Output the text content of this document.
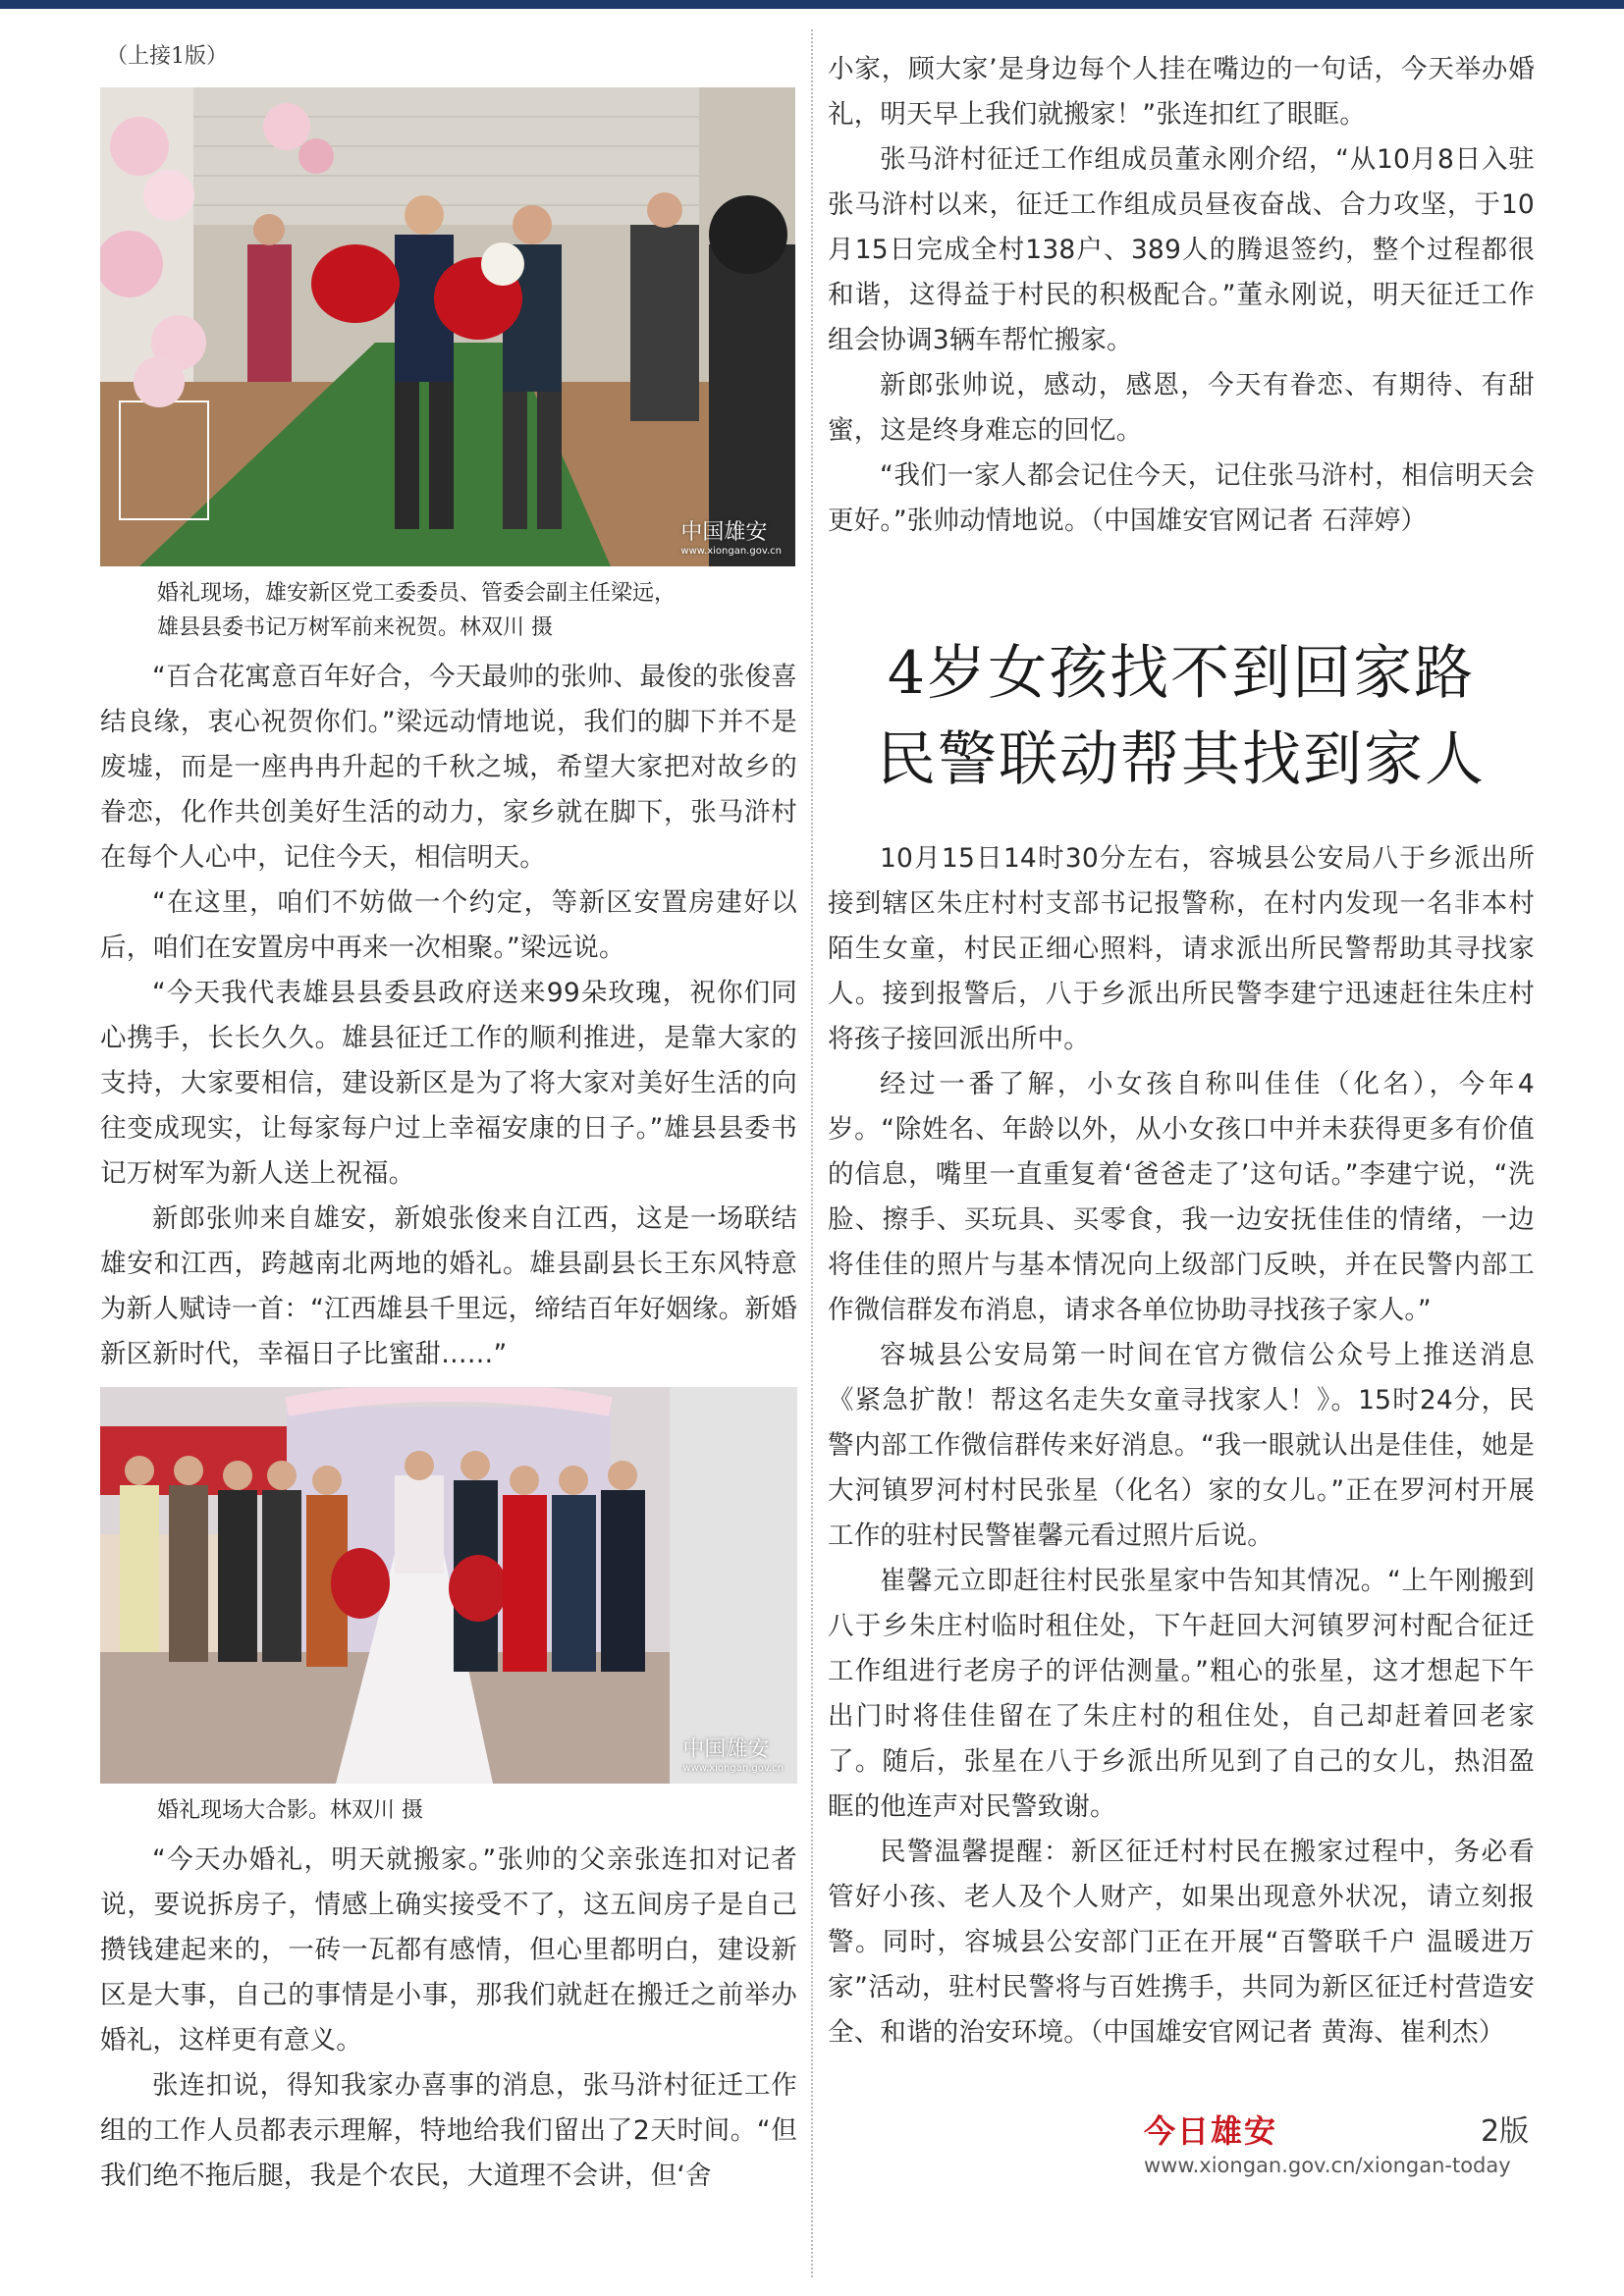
（上接1版）
中国雄安
www.xiongan.gov.cn
婚礼现场，雄安新区党工委委员、管委会副主任梁远，
雄县县委书记万树军前来祝贺。林双川 摄

“百合花寓意百年好合，今天最帅的张帅、最俊的张俊喜结良缘，衷心祝贺你们。”梁远动情地说，我们的脚下并不是废墟，而是一座冉冉升起的千秋之城，希望大家把对故乡的眷恋，化作共创美好生活的动力，家乡就在脚下，张马浒村在每个人心中，记住今天，相信明天。

“在这里，咱们不妨做一个约定，等新区安置房建好以后，咱们在安置房中再来一次相聚。”梁远说。

“今天我代表雄县县委县政府送来99朵玫瑰，祝你们同心携手，长长久久。雄县征迁工作的顺利推进，是靠大家的支持，大家要相信，建设新区是为了将大家对美好生活的向往变成现实，让每家每户过上幸福安康的日子。”雄县县委书记万树军为新人送上祝福。

新郎张帅来自雄安，新娘张俊来自江西，这是一场联结雄安和江西，跨越南北两地的婚礼。雄县副县长王东风特意为新人赋诗一首：“江西雄县千里远，缔结百年好姻缘。新婚新区新时代，幸福日子比蜜甜……”

中国雄安
www.xiongan.gov.cn
婚礼现场大合影。林双川 摄

“今天办婚礼，明天就搬家。”张帅的父亲张连扣对记者说，要说拆房子，情感上确实接受不了，这五间房子是自己攒钱建起来的，一砖一瓦都有感情，但心里都明白，建设新区是大事，自己的事情是小事，那我们就赶在搬迁之前举办婚礼，这样更有意义。

张连扣说，得知我家办喜事的消息，张马浒村征迁工作组的工作人员都表示理解，特地给我们留出了2天时间。“但我们绝不拖后腿，我是个农民，大道理不会讲，但‘舍

小家，顾大家’是身边每个人挂在嘴边的一句话，今天举办婚礼，明天早上我们就搬家！”张连扣红了眼眶。

张马浒村征迁工作组成员董永刚介绍，“从10月8日入驻张马浒村以来，征迁工作组成员昼夜奋战、合力攻坚，于10月15日完成全村138户、389人的腾退签约，整个过程都很和谐，这得益于村民的积极配合。”董永刚说，明天征迁工作组会协调3辆车帮忙搬家。

新郎张帅说，感动，感恩，今天有眷恋、有期待、有甜蜜，这是终身难忘的回忆。

“我们一家人都会记住今天，记住张马浒村，相信明天会更好。”张帅动情地说。（中国雄安官网记者 石萍婷）

4岁女孩找不到回家路
民警联动帮其找到家人

10月15日14时30分左右，容城县公安局八于乡派出所接到辖区朱庄村村支部书记报警称，在村内发现一名非本村陌生女童，村民正细心照料，请求派出所民警帮助其寻找家人。接到报警后，八于乡派出所民警李建宁迅速赶往朱庄村将孩子接回派出所中。

经过一番了解，小女孩自称叫佳佳（化名），今年4岁。“除姓名、年龄以外，从小女孩口中并未获得更多有价值的信息，嘴里一直重复着‘爸爸走了’这句话。”李建宁说，“洗脸、擦手、买玩具、买零食，我一边安抚佳佳的情绪，一边将佳佳的照片与基本情况向上级部门反映，并在民警内部工作微信群发布消息，请求各单位协助寻找孩子家人。”

容城县公安局第一时间在官方微信公众号上推送消息《紧急扩散！帮这名走失女童寻找家人！》。15时24分，民警内部工作微信群传来好消息。“我一眼就认出是佳佳，她是大河镇罗河村村民张星（化名）家的女儿。”正在罗河村开展工作的驻村民警崔馨元看过照片后说。

崔馨元立即赶往村民张星家中告知其情况。“上午刚搬到八于乡朱庄村临时租住处，下午赶回大河镇罗河村配合征迁工作组进行老房子的评估测量。”粗心的张星，这才想起下午出门时将佳佳留在了朱庄村的租住处，自己却赶着回老家了。随后，张星在八于乡派出所见到了自己的女儿，热泪盈眶的他连声对民警致谢。

民警温馨提醒：新区征迁村村民在搬家过程中，务必看管好小孩、老人及个人财产，如果出现意外状况，请立刻报警。同时，容城县公安部门正在开展“百警联千户 温暖进万家”活动，驻村民警将与百姓携手，共同为新区征迁村营造安全、和谐的治安环境。（中国雄安官网记者 黄海、崔利杰）

今日雄安	2版
www.xiongan.gov.cn/xiongan-today
